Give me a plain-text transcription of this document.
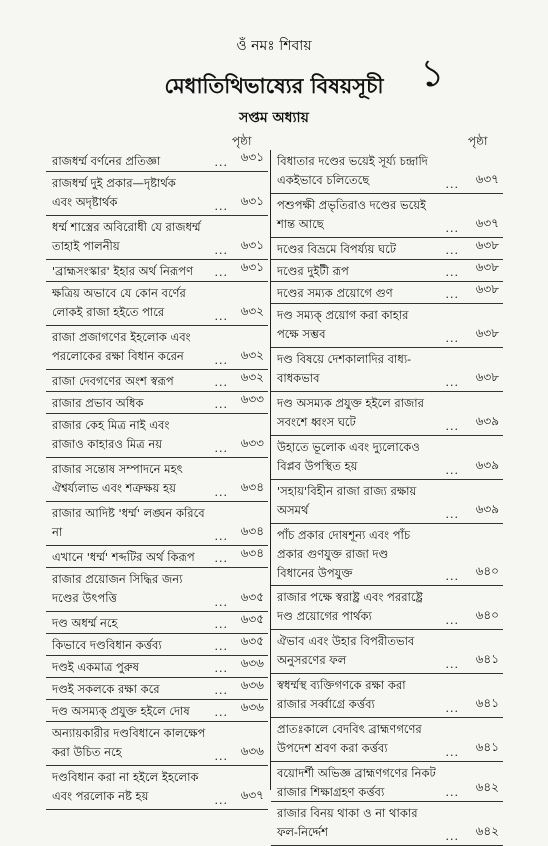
ওঁ নমঃ শিবায়
১
মেধাতিথিভাষ্যের বিষয়সূচী
সপ্তম অধ্যায়
পৃষ্ঠা	পৃষ্ঠা
রাজধর্ম্ম বর্ণনের প্রতিজ্ঞা	... ৬৩১
রাজধর্ম্ম দুই প্রকার—দৃষ্টার্থক
এবং অদৃষ্টার্থক	... ৬৩১
ধর্ম্ম শাস্ত্রের অবিরোধী যে রাজধর্ম্ম
তাহাই পালনীয়	... ৬৩১
'ব্রাহ্মসংস্কার' ইহার অর্থ নিরূপণ ... ৬৩১
ক্ষত্রিয় অভাবে যে কোন বর্ণের
লোকই রাজা হইতে পারে	... ৬৩২
রাজা প্রজাগণের ইহলোক এবং
পরলোকের রক্ষা বিধান করেন	... ৬৩২
রাজা দেবগণের অংশ স্বরূপ	... ৬৩২
রাজার প্রভাব অধিক	... ৬৩৩
রাজার কেহ মিত্র নাই এবং
রাজাও কাহারও মিত্র নয়	... ৬৩৩
রাজার সন্তোষ সম্পাদনে মহৎ
ঐশ্বর্য্যলাভ এবং শত্রুক্ষয় হয়	... ৬৩৪
রাজার আদিষ্ট 'ধর্ম্ম' লঙ্ঘন করিবে
না	... ৬৩৪
এখানে 'ধর্ম্ম' শব্দটির অর্থ কিরূপ ... ৬৩৪
রাজার প্রয়োজন সিদ্ধির জন্য
দণ্ডের উৎপত্তি	... ৬৩৫
দণ্ড অধর্ম্ম নহে	... ৬৩৫
কিভাবে দণ্ডবিধান কর্ত্তব্য	... ৬৩৫
দণ্ডই একমাত্র পুরুষ	... ৬৩৬
দণ্ডই সকলকে রক্ষা করে	... ৬৩৬
দণ্ড অসম্যক্ প্রযুক্ত হইলে দোষ ... ৬৩৬
অন্যায়কারীর দণ্ডবিধানে কালক্ষেপ
করা উচিত নহে	... ৬৩৬
দণ্ডবিধান করা না হইলে ইহলোক
এবং পরলোক নষ্ট হয়	... ৬৩৭
বিধাতার দণ্ডের ভয়েই সূর্য্য চন্দ্রাদি
একইভাবে চলিতেছে	... ৬৩৭
পশুপক্ষী প্রভৃতিরাও দণ্ডের ভয়েই
শান্ত আছে	... ৬৩৭
দণ্ডের বিভ্রমে বিপর্য্যয় ঘটে	... ৬৩৮
দণ্ডের দুইটী রূপ	... ৬৩৮
দণ্ডের সম্যক প্রয়োগে গুণ	... ৬৩৮
দণ্ড সম্যক্ প্রয়োগ করা কাহার
পক্ষে সম্ভব	... ৬৩৮
দণ্ড বিষয়ে দেশকালাদির বাধ্য-
বাধকভাব	... ৬৩৮
দণ্ড অসম্যক প্রযুক্ত হইলে রাজার
সবংশে ধ্বংস ঘটে	... ৬৩৯
উহাতে ভূলোক এবং দ্যুলোকেও
বিপ্লব উপস্থিত হয়	... ৬৩৯
'সহায়'বিহীন রাজা রাজ্য রক্ষায়
অসমর্থ	... ৬৩৯
পাঁচ প্রকার দোষশূন্য এবং পাঁচ
প্রকার গুণযুক্ত রাজা দণ্ড
বিধানের উপযুক্ত	... ৬৪০
রাজার পক্ষে স্বরাষ্ট্র এবং পররাষ্ট্রে
দণ্ড প্রয়োগের পার্থক্য	... ৬৪০
ঐভাব এবং উহার বিপরীতভাব
অনুসরণের ফল	... ৬৪১
স্বধর্ম্মস্থ ব্যক্তিগণকে রক্ষা করা
রাজার সর্ব্বাগ্রে কর্ত্তব্য	... ৬৪১
প্রাতঃকালে বেদবিৎ ব্রাহ্মণগণের
উপদেশ শ্রবণ করা কর্ত্তব্য	... ৬৪১
বয়োদর্শী অভিজ্ঞ ব্রাহ্মণগণের নিকট
রাজার শিক্ষাগ্রহণ কর্ত্তব্য	... ৬৪২
রাজার বিনয় থাকা ও না থাকার
ফল-নির্দ্দেশ	... ৬৪২
